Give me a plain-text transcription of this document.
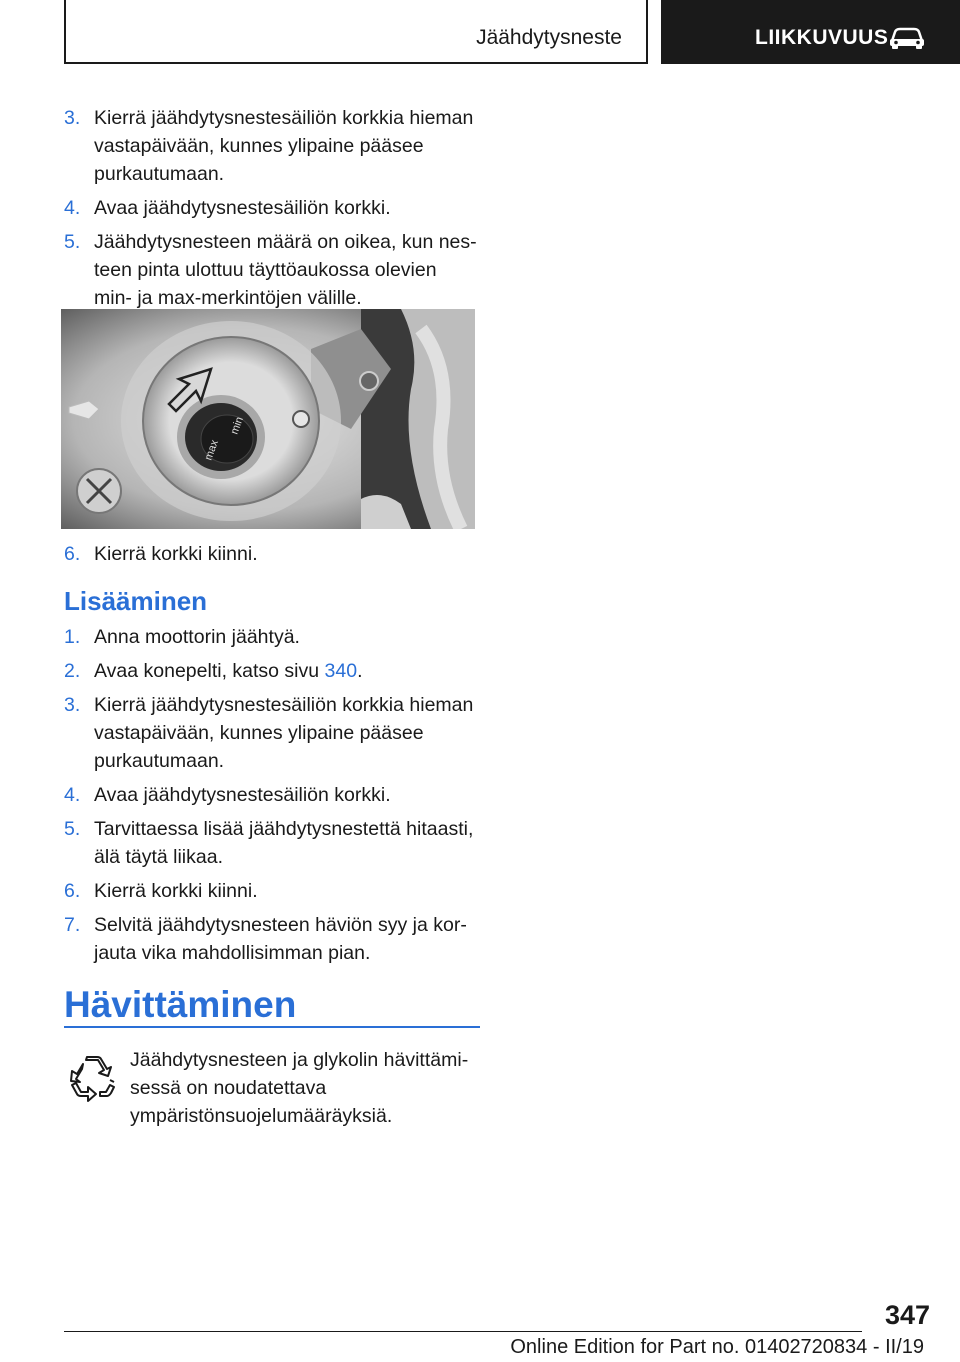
Jäähdytysneste	LIIKKUVUUS
3. Kierrä jäähdytysnestesäiliön korkkia hieman vastapäivään, kunnes ylipaine pääsee purkautumaan.
4. Avaa jäähdytysnestesäiliön korkki.
5. Jäähdytysnesteen määrä on oikea, kun nesteen pinta ulottuu täyttöaukossa olevien min- ja max-merkintöjen välille.
min
max
6. Kierrä korkki kiinni.
Lisääminen
1. Anna moottorin jäähtyä.
2. Avaa konepelti, katso sivu 340.
3. Kierrä jäähdytysnestesäiliön korkkia hieman vastapäivään, kunnes ylipaine pääsee purkautumaan.
4. Avaa jäähdytysnestesäiliön korkki.
5. Tarvittaessa lisää jäähdytysnestettä hitaasti, älä täytä liikaa.
6. Kierrä korkki kiinni.
7. Selvitä jäähdytysnesteen häviön syy ja korjauta vika mahdollisimman pian.
Hävittäminen
Jäähdytysnesteen ja glykolin hävittämisessä on noudatettava ympäristönsuojelumääräyksiä.
347
Online Edition for Part no. 01402720834 - II/19
